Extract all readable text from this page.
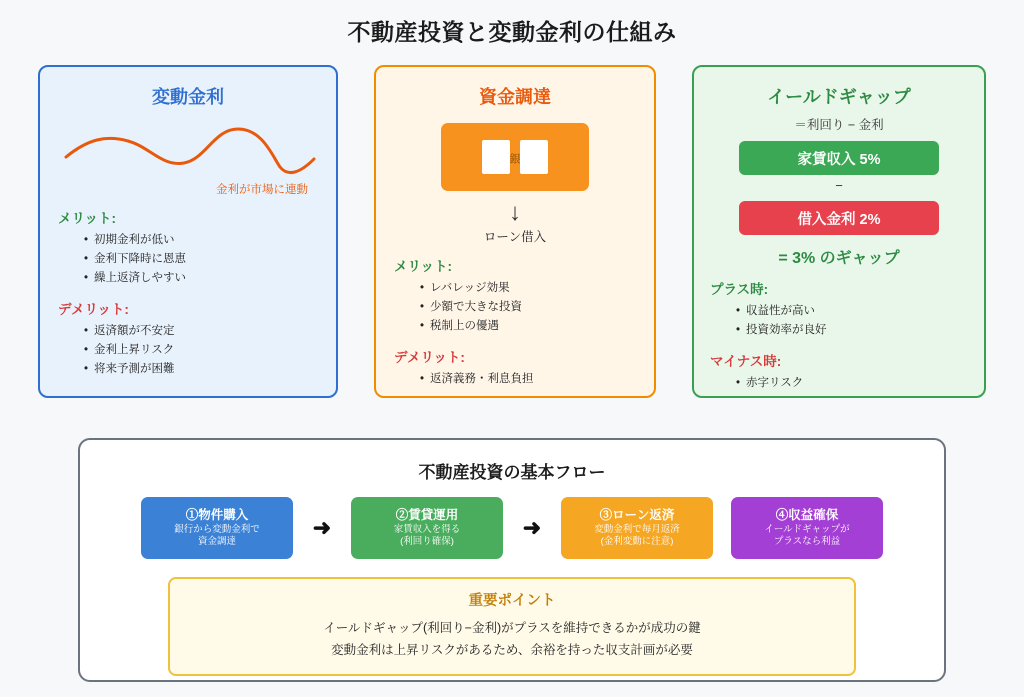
不動産投資と変動金利の仕組み
変動金利
金利が市場に連動
メリット:
• 初期金利が低い
• 金利下降時に恩恵
• 繰上返済しやすい
デメリット:
• 返済額が不安定
• 金利上昇リスク
• 将来予測が困難
資金調達
銀
↓
ローン借入
メリット:
• レバレッジ効果
• 少額で大きな投資
• 税制上の優遇
デメリット:
• 返済義務・利息負担
イールドギャップ
＝利回り − 金利
家賃収入 5%
−
借入金利 2%
= 3% のギャップ
プラス時:
• 収益性が高い
• 投資効率が良好
マイナス時:
• 赤字リスク
不動産投資の基本フロー
①物件購入
銀行から変動金利で
資金調達
➜
②賃貸運用
家賃収入を得る
(利回り確保)
➜
③ローン返済
変動金利で毎月返済
(金利変動に注意)
④収益確保
イールドギャップが
プラスなら利益
重要ポイント
イールドギャップ(利回り−金利)がプラスを維持できるかが成功の鍵
変動金利は上昇リスクがあるため、余裕を持った収支計画が必要
